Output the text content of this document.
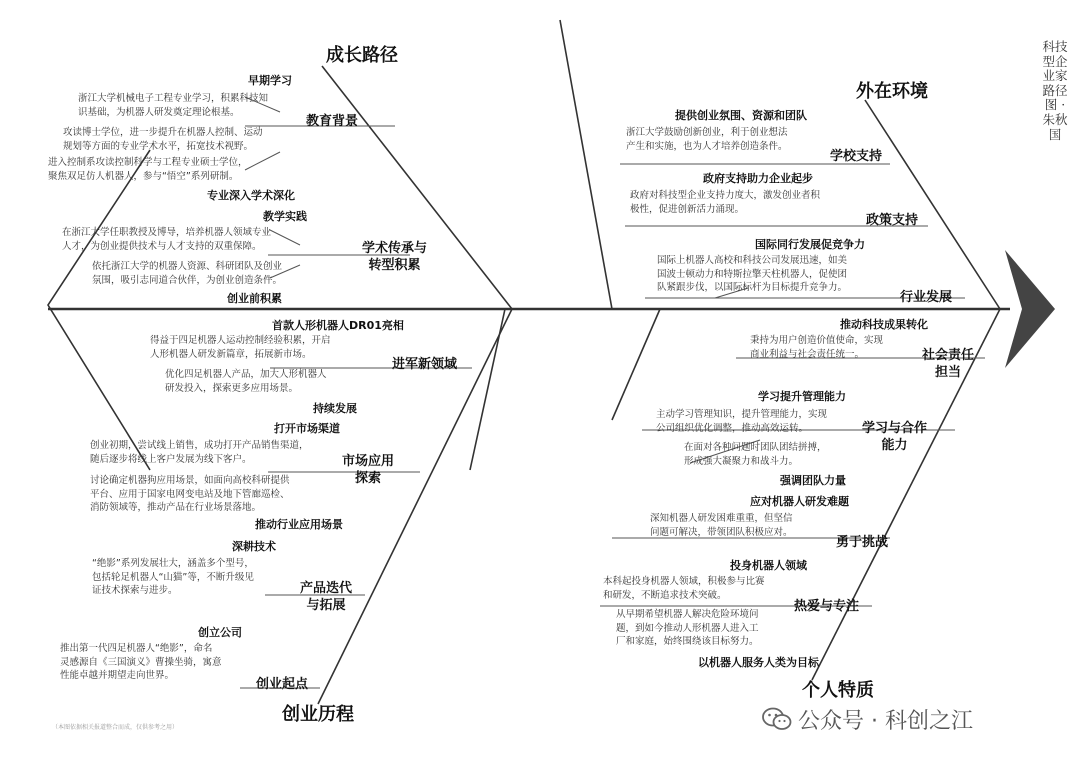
科技型企业家路径图 · 朱秋国
成长路径
外在环境
创业历程
个人特质
早期学习
浙江大学机械电子工程专业学习，积累科技知
识基础，为机器人研发奠定理论根基。
教育背景
攻读博士学位，进一步提升在机器人控制、运动
规划等方面的专业学术水平，拓宽技术视野。
进入控制系攻读控制科学与工程专业硕士学位，
聚焦双足仿人机器人，参与“悟空”系列研制。
专业深入学术深化
教学实践
在浙江大学任职教授及博导，培养机器人领域专业
人才，为创业提供技术与人才支持的双重保障。	学术传承与
转型积累
依托浙江大学的机器人资源、科研团队及创业
氛围，吸引志同道合伙伴，为创业创造条件。
创业前积累
提供创业氛围、资源和团队
浙江大学鼓励创新创业，利于创业想法
产生和实施，也为人才培养创造条件。
学校支持
政府支持助力企业起步
政府对科技型企业支持力度大，激发创业者积
极性，促进创新活力涌现。
政策支持
国际同行发展促竞争力
国际上机器人高校和科技公司发展迅速，如美
国波士顿动力和特斯拉擎天柱机器人，促使团
队紧跟步伐，以国际标杆为目标提升竞争力。
行业发展
首款人形机器人DR01亮相
得益于四足机器人运动控制经验积累，开启
人形机器人研发新篇章，拓展新市场。
进军新领域
优化四足机器人产品，加大人形机器人
研发投入，探索更多应用场景。
持续发展
打开市场渠道
创业初期，尝试线上销售，成功打开产品销售渠道，
随后逐步将线上客户发展为线下客户。	市场应用
探索
讨论确定机器狗应用场景，如面向高校科研提供
平台、应用于国家电网变电站及地下管廊巡检、
消防领域等，推动产品在行业场景落地。
推动行业应用场景
深耕技术
“绝影”系列发展壮大，涵盖多个型号，
包括轮足机器人“山猫”等，不断升级见
证技术探索与进步。	产品迭代
与拓展
创立公司
推出第一代四足机器人“绝影”，命名
灵感源自《三国演义》曹操坐骑，寓意
性能卓越并期望走向世界。
创业起点
推动科技成果转化
秉持为用户创造价值使命，实现
商业利益与社会责任统一。	社会责任
担当
学习提升管理能力
主动学习管理知识，提升管理能力，实现
公司组织优化调整，推动高效运转。	学习与合作
能力
在面对各种问题时团队团结拼搏，
形成强大凝聚力和战斗力。
强调团队力量
应对机器人研发难题
深知机器人研发困难重重，但坚信
问题可解决，带领团队积极应对。
勇于挑战
投身机器人领域
本科起投身机器人领域，积极参与比赛
和研发，不断追求技术突破。
热爱与专注
从早期希望机器人解决危险环境问
题，到如今推动人形机器人进入工
厂和家庭，始终围绕该目标努力。
以机器人服务人类为目标
（本图依据相关报道整合而成，仅供参考之用）	公众号 · 科创之江
